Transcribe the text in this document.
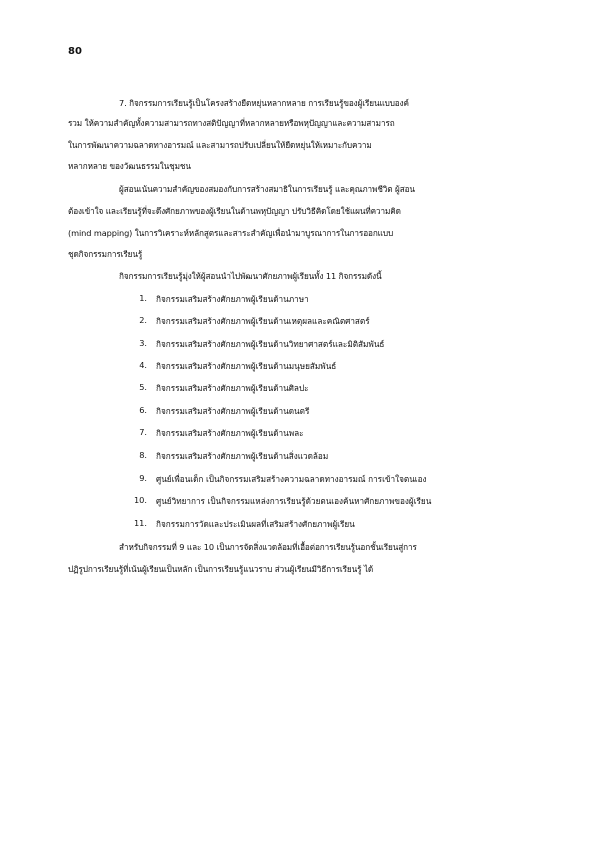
80
7. กิจกรรมการเรียนรู้เป็นโครงสร้างยืดหยุ่นหลากหลาย การเรียนรู้ของผู้เรียนแบบองค์
รวม ให้ความสำคัญทั้งความสามารถทางสติปัญญาที่หลากหลายหรือพหุปัญญาและความสามารถ
ในการพัฒนาความฉลาดทางอารมณ์ และสามารถปรับเปลี่ยนให้ยืดหยุ่นให้เหมาะกับความ
หลากหลาย ของวัฒนธรรมในชุมชน
ผู้สอนเน้นความสำคัญของสมองกับการสร้างสมาธิในการเรียนรู้ และคุณภาพชีวิต ผู้สอน
ต้องเข้าใจ และเรียนรู้ที่จะดึงศักยภาพของผู้เรียนในด้านพหุปัญญา ปรับวิธีคิดโดยใช้แผนที่ความคิด
(mind mapping) ในการวิเคราะห์หลักสูตรและสาระสำคัญเพื่อนำมาบูรณาการในการออกแบบ
ชุดกิจกรรมการเรียนรู้
กิจกรรมการเรียนรู้มุ่งให้ผู้สอนนำไปพัฒนาศักยภาพผู้เรียนทั้ง 11 กิจกรรมดังนี้
1. กิจกรรมเสริมสร้างศักยภาพผู้เรียนด้านภาษา
2. กิจกรรมเสริมสร้างศักยภาพผู้เรียนด้านเหตุผลและคณิตศาสตร์
3. กิจกรรมเสริมสร้างศักยภาพผู้เรียนด้านวิทยาศาสตร์และมิติสัมพันธ์
4. กิจกรรมเสริมสร้างศักยภาพผู้เรียนด้านมนุษยสัมพันธ์
5. กิจกรรมเสริมสร้างศักยภาพผู้เรียนด้านศิลปะ
6. กิจกรรมเสริมสร้างศักยภาพผู้เรียนด้านดนตรี
7. กิจกรรมเสริมสร้างศักยภาพผู้เรียนด้านพละ
8. กิจกรรมเสริมสร้างศักยภาพผู้เรียนด้านสิ่งแวดล้อม
9. ศูนย์เพื่อนเด็ก เป็นกิจกรรมเสริมสร้างความฉลาดทางอารมณ์ การเข้าใจตนเอง
10. ศูนย์วิทยาการ เป็นกิจกรรมแหล่งการเรียนรู้ด้วยตนเองค้นหาศักยภาพของผู้เรียน
11. กิจกรรมการวัดและประเมินผลที่เสริมสร้างศักยภาพผู้เรียน
สำหรับกิจกรรมที่ 9 และ 10 เป็นการจัดสิ่งแวดล้อมที่เอื้อต่อการเรียนรู้นอกชั้นเรียนสู่การ
ปฏิรูปการเรียนรู้ที่เน้นผู้เรียนเป็นหลัก เป็นการเรียนรู้แนวราบ ส่วนผู้เรียนมีวิธีการเรียนรู้ ได้
